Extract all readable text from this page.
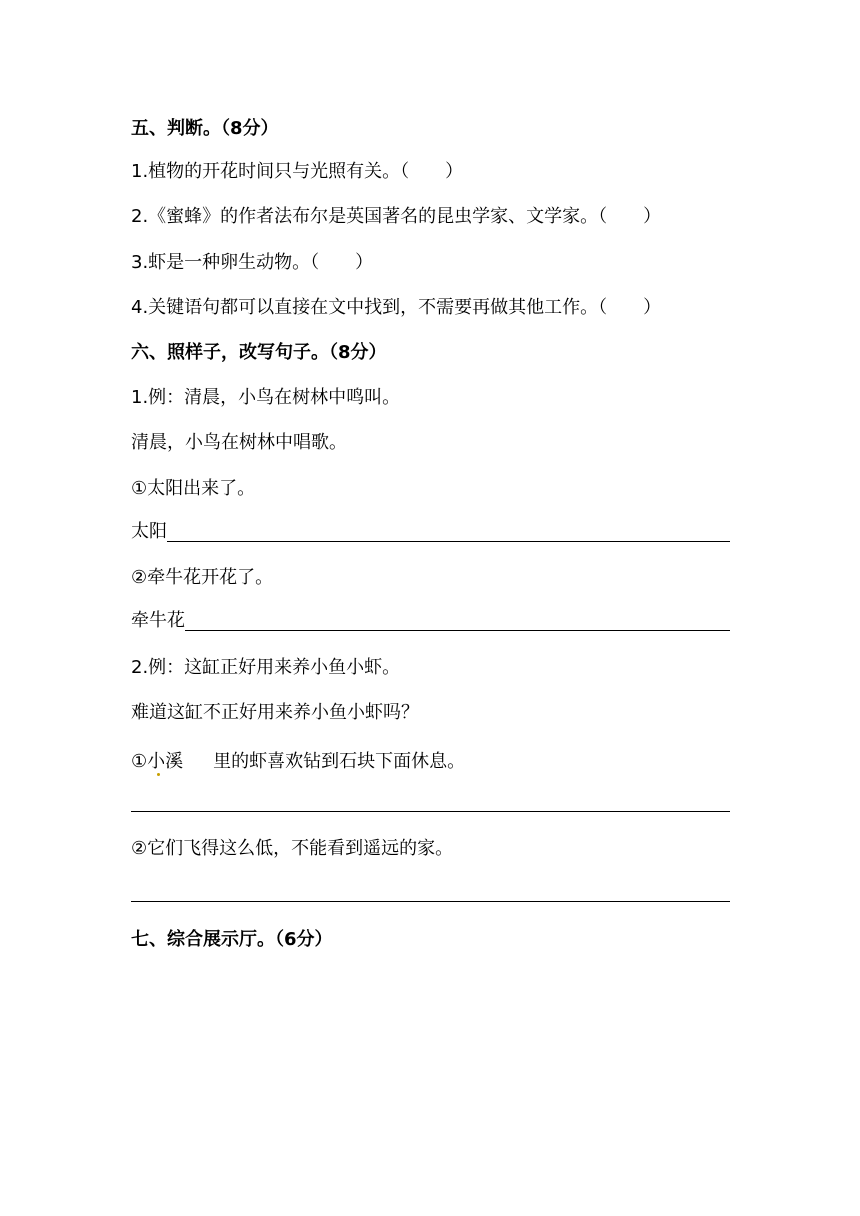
五、判断。（8分）
1.植物的开花时间只与光照有关。（　　）
2.《蜜蜂》的作者法布尔是英国著名的昆虫学家、文学家。（　　）
3.虾是一种卵生动物。（　　）
4.关键语句都可以直接在文中找到，不需要再做其他工作。（　　）
六、照样子，改写句子。（8分）
1.例：清晨，小鸟在树林中鸣叫。
清晨，小鸟在树林中唱歌。
①太阳出来了。
太阳
②牵牛花开花了。
牵牛花
2.例：这缸正好用来养小鱼小虾。
难道这缸不正好用来养小鱼小虾吗？
①小溪 里的虾喜欢钻到石块下面休息。
②它们飞得这么低，不能看到遥远的家。
七、综合展示厅。（6分）
